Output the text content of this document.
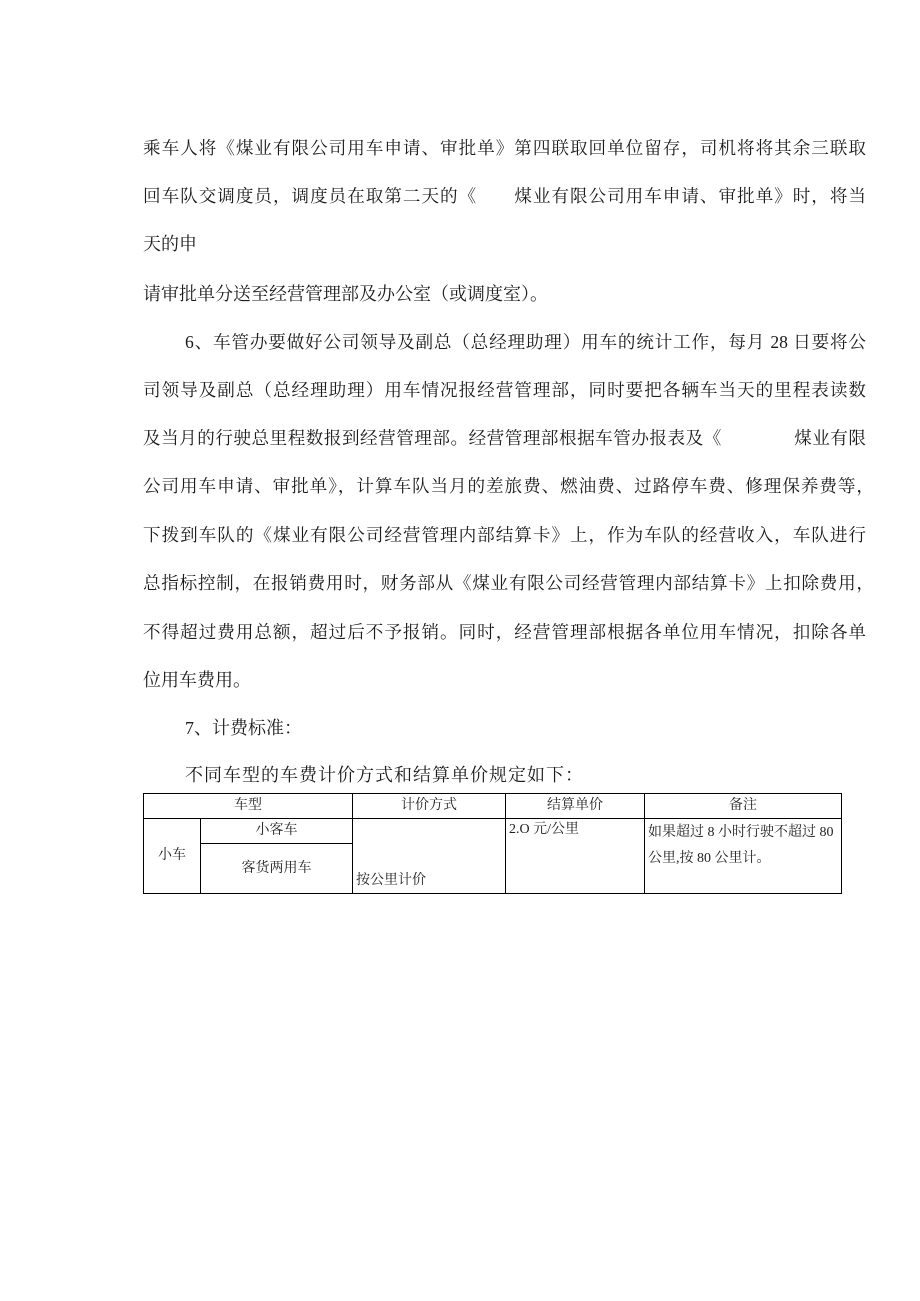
乘车人将《煤业有限公司用车申请、审批单》第四联取回单位留存，司机将将其余三联取
回车队交调度员，调度员在取第二天的《　　煤业有限公司用车申请、审批单》时，将当
天的申
请审批单分送至经营管理部及办公室（或调度室）。
6、车管办要做好公司领导及副总（总经理助理）用车的统计工作，每月 28 日要将公
司领导及副总（总经理助理）用车情况报经营管理部，同时要把各辆车当天的里程表读数
及当月的行驶总里程数报到经营管理部。经营管理部根据车管办报表及《　　　　煤业有限
公司用车申请、审批单》，计算车队当月的差旅费、燃油费、过路停车费、修理保养费等，
下拨到车队的《煤业有限公司经营管理内部结算卡》上，作为车队的经营收入，车队进行
总指标控制，在报销费用时，财务部从《煤业有限公司经营管理内部结算卡》上扣除费用，
不得超过费用总额，超过后不予报销。同时，经营管理部根据各单位用车情况，扣除各单
位用车费用。
7、计费标准：
不同车型的车费计价方式和结算单价规定如下：
车型		计价方式	结算单价	备注
小车	小客车	按公里计价	2.O 元/公里	如果超过 8 小时行驶不超过 80 公里,按 80 公里计。

	客货两用车			
